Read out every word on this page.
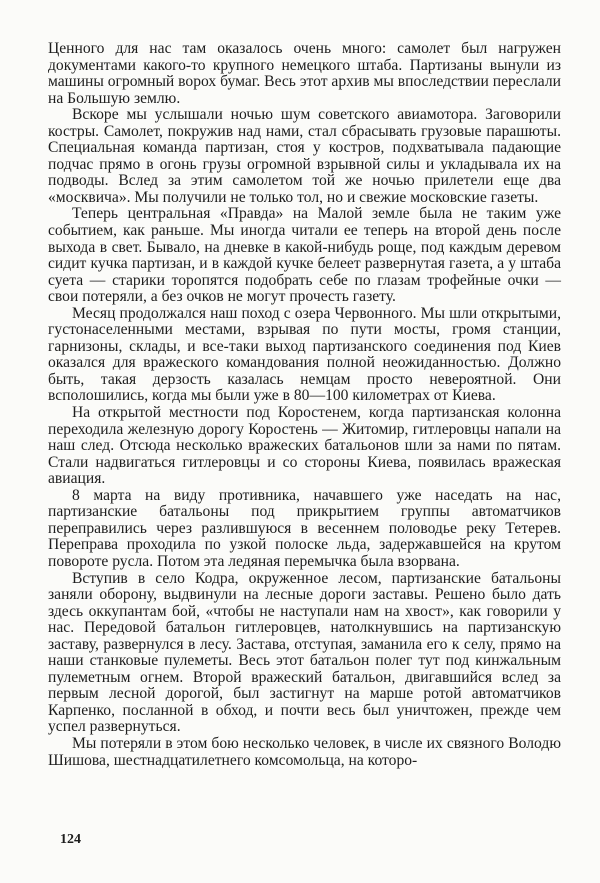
Ценного для нас там оказалось очень много: самолет был нагружен документами какого-то крупного немецкого штаба. Партизаны вынули из машины огромный ворох бумаг. Весь этот архив мы впоследствии переслали на Большую землю.

Вскоре мы услышали ночью шум советского авиамотора. Заговорили костры. Самолет, покружив над нами, стал сбрасывать грузовые парашюты. Специальная команда партизан, стоя у костров, подхватывала падающие подчас прямо в огонь грузы огромной взрывной силы и укладывала их на подводы. Вслед за этим самолетом той же ночью прилетели еще два «москвича». Мы получили не только тол, но и свежие московские газеты.

Теперь центральная «Правда» на Малой земле была не таким уже событием, как раньше. Мы иногда читали ее теперь на второй день после выхода в свет. Бывало, на дневке в какой-нибудь роще, под каждым деревом сидит кучка партизан, и в каждой кучке белеет развернутая газета, а у штаба суета — старики торопятся подобрать себе по глазам трофейные очки — свои потеряли, а без очков не могут прочесть газету.

Месяц продолжался наш поход с озера Червонного. Мы шли открытыми, густонаселенными местами, взрывая по пути мосты, громя станции, гарнизоны, склады, и все-таки выход партизанского соединения под Киев оказался для вражеского командования полной неожиданностью. Должно быть, такая дерзость казалась немцам просто невероятной. Они всполошились, когда мы были уже в 80—100 километрах от Киева.

На открытой местности под Коростенем, когда партизанская колонна переходила железную дорогу Коростень — Житомир, гитлеровцы напали на наш след. Отсюда несколько вражеских батальонов шли за нами по пятам. Стали надвигаться гитлеровцы и со стороны Киева, появилась вражеская авиация.

8 марта на виду противника, начавшего уже наседать на нас, партизанские батальоны под прикрытием группы автоматчиков переправились через разлившуюся в весеннем половодье реку Тетерев. Переправа проходила по узкой полоске льда, задержавшейся на крутом повороте русла. Потом эта ледяная перемычка была взорвана.

Вступив в село Кодра, окруженное лесом, партизанские батальоны заняли оборону, выдвинули на лесные дороги заставы. Решено было дать здесь оккупантам бой, «чтобы не наступали нам на хвост», как говорили у нас. Передовой батальон гитлеровцев, натолкнувшись на партизанскую заставу, развернулся в лесу. Застава, отступая, заманила его к селу, прямо на наши станковые пулеметы. Весь этот батальон полег тут под кинжальным пулеметным огнем. Второй вражеский батальон, двигавшийся вслед за первым лесной дорогой, был застигнут на марше ротой автоматчиков Карпенко, посланной в обход, и почти весь был уничтожен, прежде чем успел развернуться.

Мы потеряли в этом бою несколько человек, в числе их связного Володю Шишова, шестнадцатилетнего комсомольца, на которо-

124
